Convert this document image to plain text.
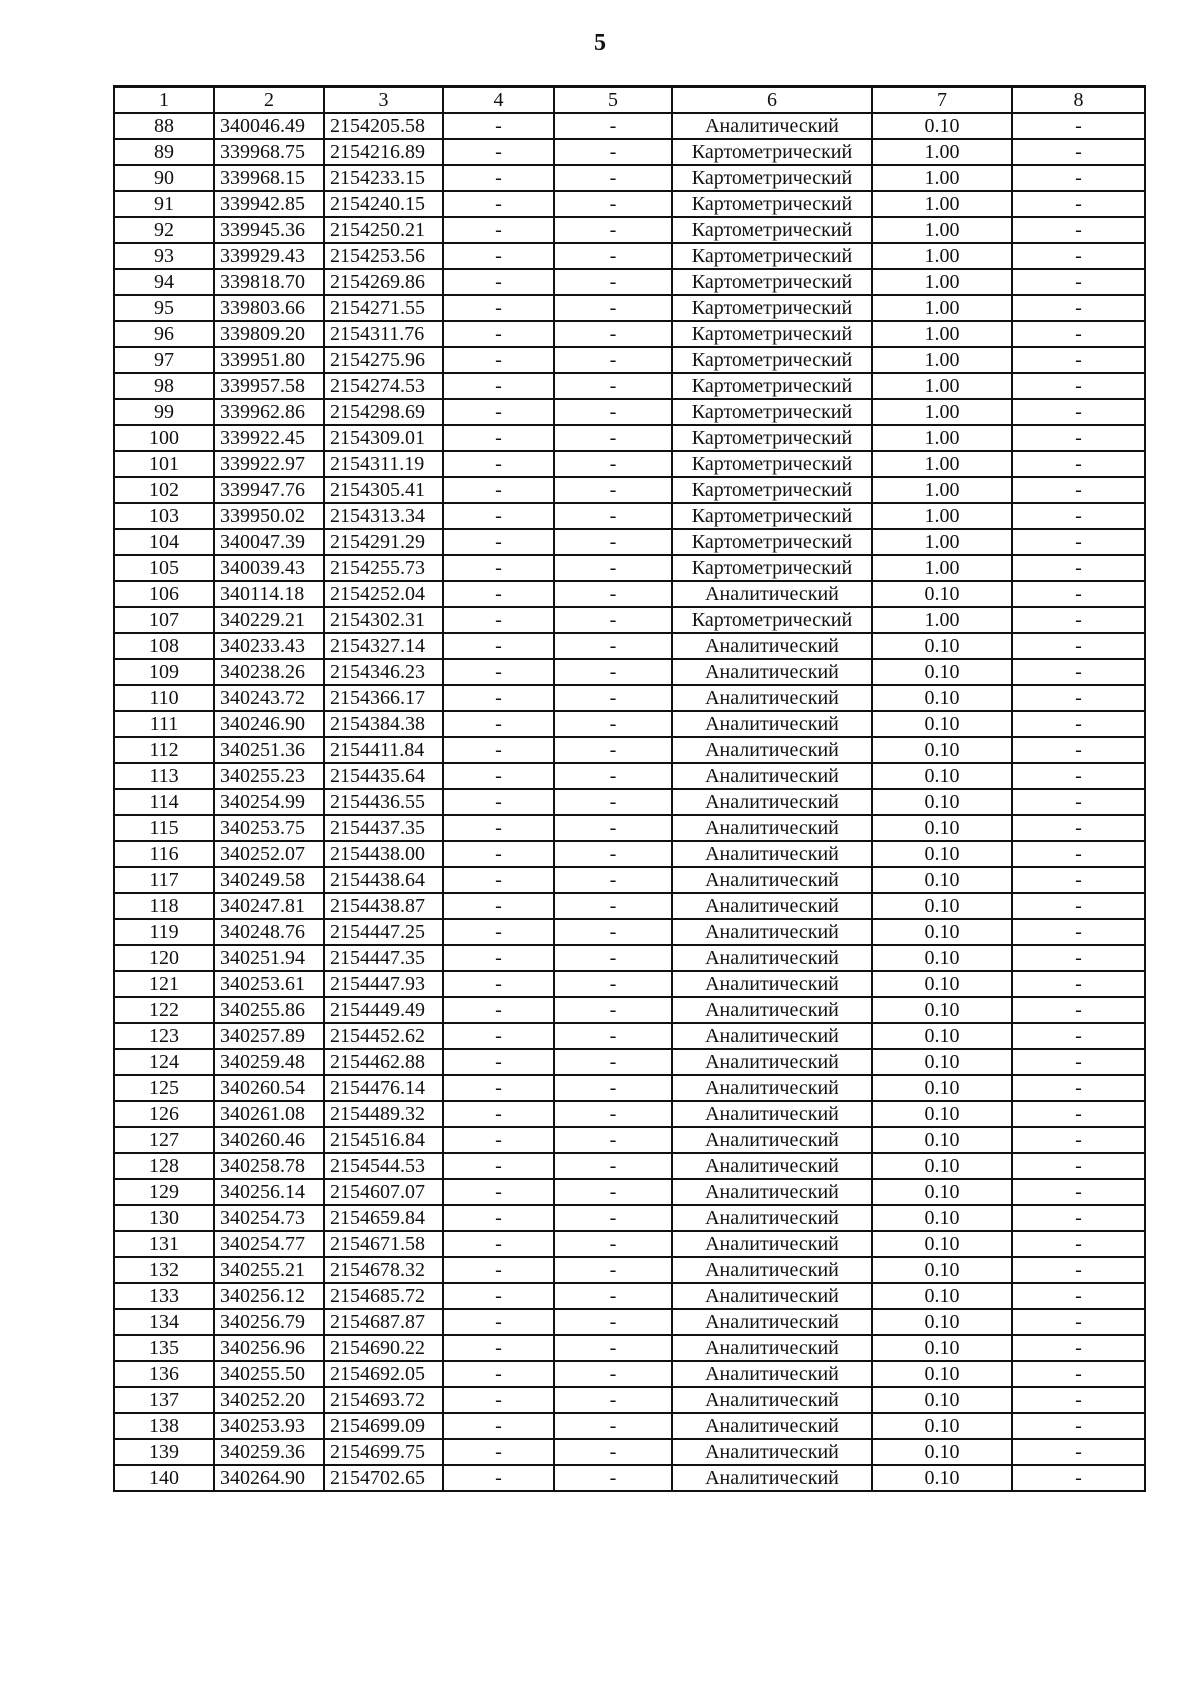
5
1	2	3	4	5	6	7	8
88	340046.49	2154205.58	-	-	Аналитический	0.10	-
89	339968.75	2154216.89	-	-	Картометрический	1.00	-
90	339968.15	2154233.15	-	-	Картометрический	1.00	-
91	339942.85	2154240.15	-	-	Картометрический	1.00	-
92	339945.36	2154250.21	-	-	Картометрический	1.00	-
93	339929.43	2154253.56	-	-	Картометрический	1.00	-
94	339818.70	2154269.86	-	-	Картометрический	1.00	-
95	339803.66	2154271.55	-	-	Картометрический	1.00	-
96	339809.20	2154311.76	-	-	Картометрический	1.00	-
97	339951.80	2154275.96	-	-	Картометрический	1.00	-
98	339957.58	2154274.53	-	-	Картометрический	1.00	-
99	339962.86	2154298.69	-	-	Картометрический	1.00	-
100	339922.45	2154309.01	-	-	Картометрический	1.00	-
101	339922.97	2154311.19	-	-	Картометрический	1.00	-
102	339947.76	2154305.41	-	-	Картометрический	1.00	-
103	339950.02	2154313.34	-	-	Картометрический	1.00	-
104	340047.39	2154291.29	-	-	Картометрический	1.00	-
105	340039.43	2154255.73	-	-	Картометрический	1.00	-
106	340114.18	2154252.04	-	-	Аналитический	0.10	-
107	340229.21	2154302.31	-	-	Картометрический	1.00	-
108	340233.43	2154327.14	-	-	Аналитический	0.10	-
109	340238.26	2154346.23	-	-	Аналитический	0.10	-
110	340243.72	2154366.17	-	-	Аналитический	0.10	-
111	340246.90	2154384.38	-	-	Аналитический	0.10	-
112	340251.36	2154411.84	-	-	Аналитический	0.10	-
113	340255.23	2154435.64	-	-	Аналитический	0.10	-
114	340254.99	2154436.55	-	-	Аналитический	0.10	-
115	340253.75	2154437.35	-	-	Аналитический	0.10	-
116	340252.07	2154438.00	-	-	Аналитический	0.10	-
117	340249.58	2154438.64	-	-	Аналитический	0.10	-
118	340247.81	2154438.87	-	-	Аналитический	0.10	-
119	340248.76	2154447.25	-	-	Аналитический	0.10	-
120	340251.94	2154447.35	-	-	Аналитический	0.10	-
121	340253.61	2154447.93	-	-	Аналитический	0.10	-
122	340255.86	2154449.49	-	-	Аналитический	0.10	-
123	340257.89	2154452.62	-	-	Аналитический	0.10	-
124	340259.48	2154462.88	-	-	Аналитический	0.10	-
125	340260.54	2154476.14	-	-	Аналитический	0.10	-
126	340261.08	2154489.32	-	-	Аналитический	0.10	-
127	340260.46	2154516.84	-	-	Аналитический	0.10	-
128	340258.78	2154544.53	-	-	Аналитический	0.10	-
129	340256.14	2154607.07	-	-	Аналитический	0.10	-
130	340254.73	2154659.84	-	-	Аналитический	0.10	-
131	340254.77	2154671.58	-	-	Аналитический	0.10	-
132	340255.21	2154678.32	-	-	Аналитический	0.10	-
133	340256.12	2154685.72	-	-	Аналитический	0.10	-
134	340256.79	2154687.87	-	-	Аналитический	0.10	-
135	340256.96	2154690.22	-	-	Аналитический	0.10	-
136	340255.50	2154692.05	-	-	Аналитический	0.10	-
137	340252.20	2154693.72	-	-	Аналитический	0.10	-
138	340253.93	2154699.09	-	-	Аналитический	0.10	-
139	340259.36	2154699.75	-	-	Аналитический	0.10	-
140	340264.90	2154702.65	-	-	Аналитический	0.10	-
